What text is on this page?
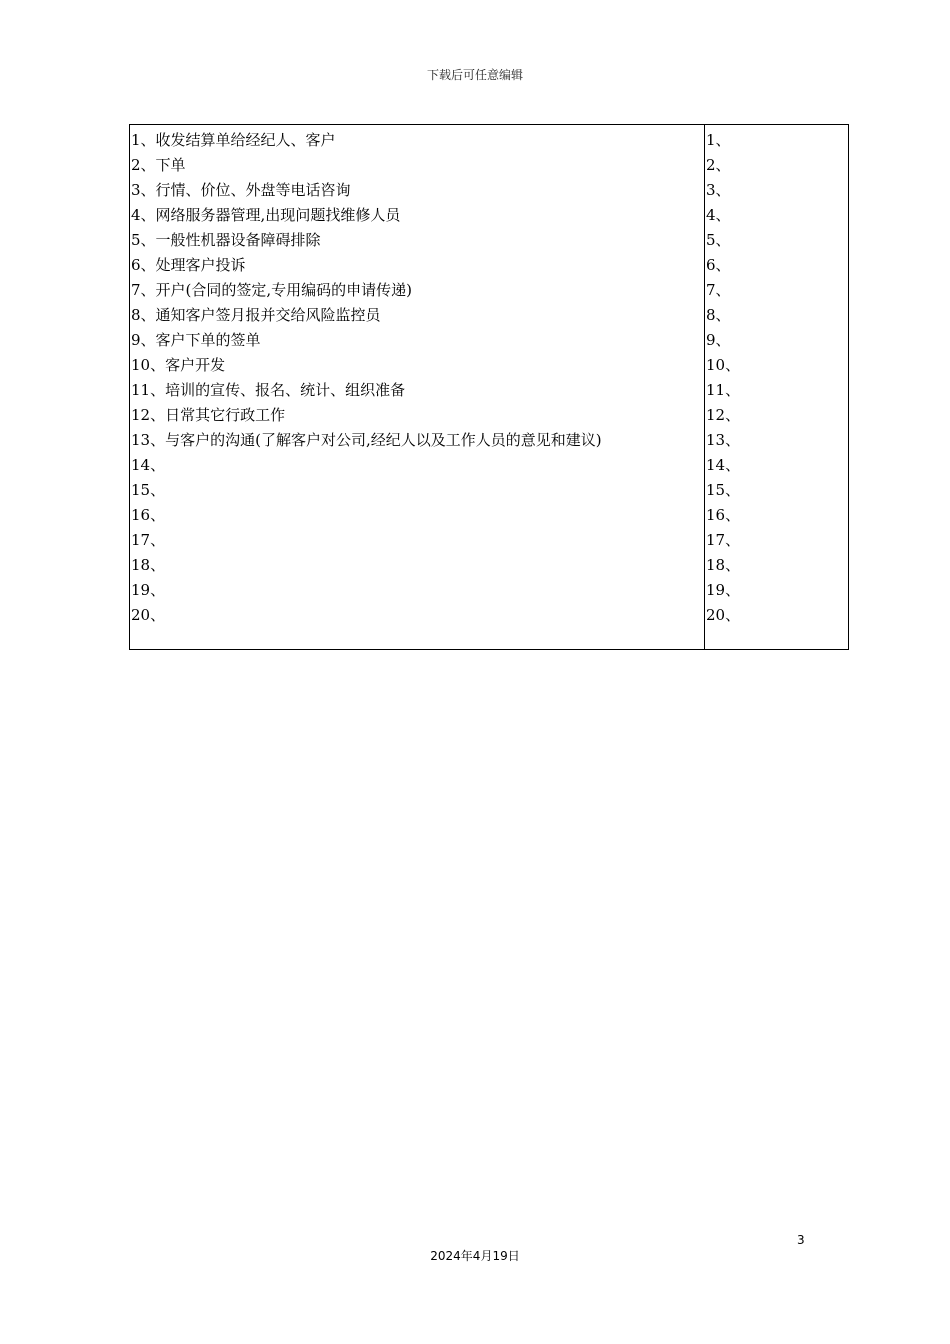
下载后可任意编辑
1、收发结算单给经纪人、客户
2、下单
3、行情、价位、外盘等电话咨询
4、网络服务器管理,出现问题找维修人员
5、一般性机器设备障碍排除
6、处理客户投诉
7、开户(合同的签定,专用编码的申请传递)
8、通知客户签月报并交给风险监控员
9、客户下单的签单
10、客户开发
11、培训的宣传、报名、统计、组织准备
12、日常其它行政工作
13、与客户的沟通(了解客户对公司,经纪人以及工作人员的意见和建议)
14、
15、
16、
17、
18、
19、
20、
1、
2、
3、
4、
5、
6、
7、
8、
9、
10、
11、
12、
13、
14、
15、
16、
17、
18、
19、
20、
3
2024年4月19日
